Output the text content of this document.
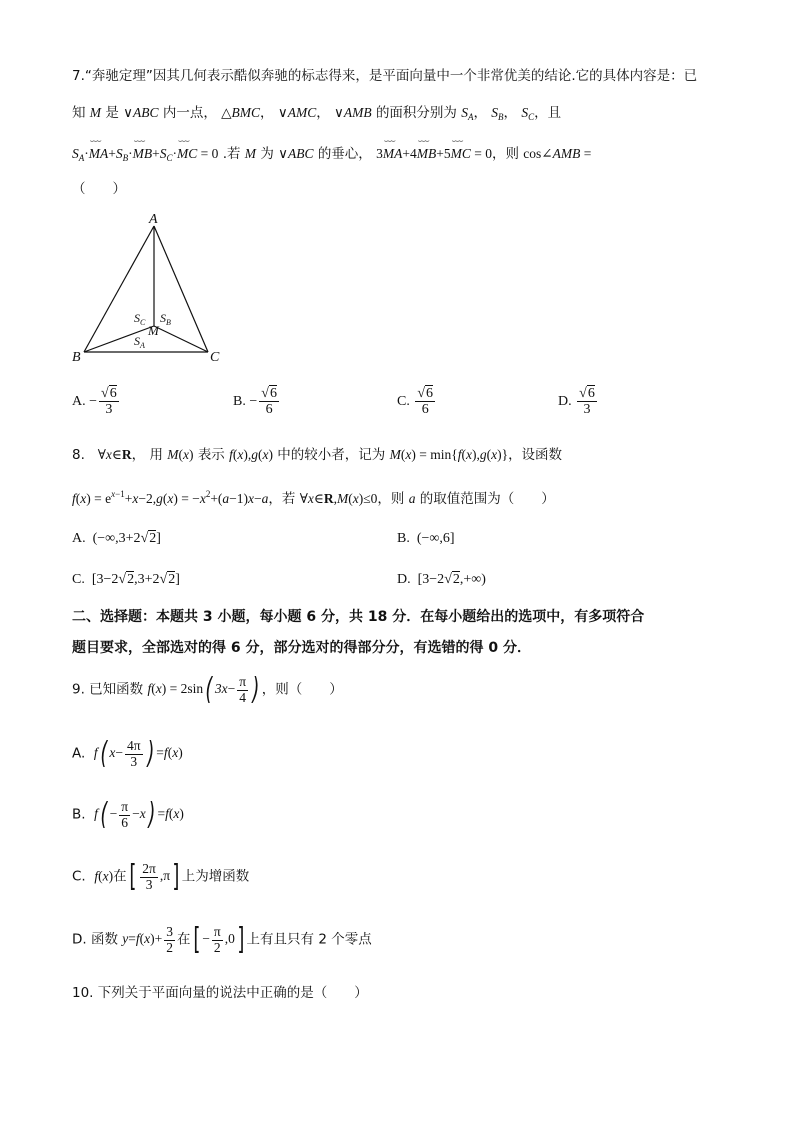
7.“奔驰定理”因其几何表示酷似奔驰的标志得来，是平面向量中一个非常优美的结论.它的具体内容是：已
知 M 是 ∨ABC 内一点， △BMC， ∨AMC， ∨AMB 的面积分别为 $S_A$， $S_B$， $S_C$，且
$S_A\cdot⌣⌣⌣$ $MA+S_B\cdot⌣⌣⌣$ $MB+S_C\cdot⌣⌣⌣$ MC = 0 .若 M 为 ∨ABC 的垂心， 3⌣⌣⌣ MA+4⌣⌣⌣ MB+5⌣⌣⌣ MC = 0，则 cos∠AMB =
（　　）
A
B	C
M
$S_C$ $S_B$
$S_A$
A. − $\frac{√6}{3}$	B. − $\frac{√6}{6}$	C. $\frac{√6}{6}$	D. $\frac{√6}{3}$
8. ∀x∈R， 用 M(x) 表示 f(x),g(x) 中的较小者，记为 M(x) = min{f(x),g(x)}，设函数
$f(x) = e^{x-1}+x-2,g(x) = -x^2+(a-1)x-a$，若 ∀x∈R,M(x)≤0，则 a 的取值范围为（　　）
A.  (−∞,3+2√2]	B.  (−∞,6]
C.  [3−2√2,3+2√2]	D.  [3−2√2,+∞)
二、选择题：本题共 3 小题，每小题 6 分，共 18 分．在每小题给出的选项中，有多项符合
题目要求，全部选对的得 6 分，部分选对的得部分分，有选错的得 0 分．
9. 已知函数 f(x) = 2sin( $3x- \frac{\pi}{4}$ ) ，则（　　）
A. f( $x- \frac{4\pi}{3}$ ) =f(x)
B. $f( - \frac{\pi}{6} -x) =f(x)$
C. f(x)在[ $\frac{2\pi}{3} ,\pi$] 上为增函数
D. 函数 $y=f(x)+ \frac{3}{2}$ 在[ − $\frac{\pi}{2} ,0$] 上有且只有 2 个零点
10. 下列关于平面向量的说法中正确的是（　　）
